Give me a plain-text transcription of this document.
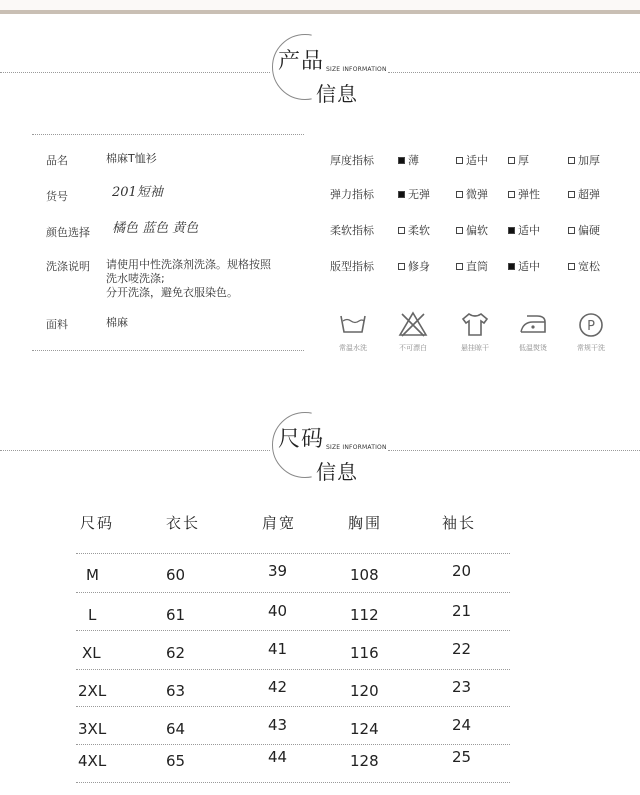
产品 SIZE INFORMATION
信息
品名	棉麻T恤衫
货号	201短袖
颜色选择 橘色 蓝色 黄色
洗涤说明 请使用中性洗涤剂洗涤。规格按照
洗水唛洗涤;
分开洗涤，避免衣服染色。
面料	棉麻
厚度指标	薄	适中	厚	加厚
弹力指标	无弹	微弹	弹性	超弹
柔软指标	柔软	偏软	适中	偏硬
版型指标	修身	直筒	适中	宽松
常温水洗	不可漂白	悬挂晾干	低温熨烫
P
常规干洗
尺码 SIZE INFORMATION
信息
尺码	衣长	肩宽	胸围	袖长
M	60	39	108	20
L	61	40	112	21
XL	62	41	116	22
2XL	63	42	120	23
3XL	64	43	124	24
4XL	65	44	128	25
